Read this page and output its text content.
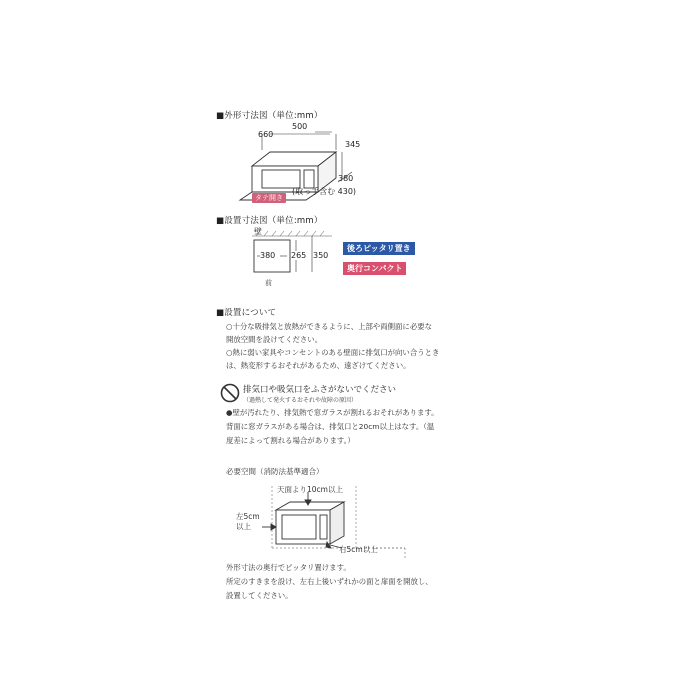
■外形寸法図（単位:mm）
660
500
345
380
タテ開き
(取っ手含む 430)
■設置寸法図（単位:mm）
壁
380 265 350
前
後ろピッタリ置き
奥行コンパクト
■設置について
○十分な吸排気と放熱ができるように、上部や両側面に必要な
開放空間を設けてください。
○熱に弱い家具やコンセントのある壁面に排気口が向い合うとき
は、熱変形するおそれがあるため、遠ざけてください。
排気口や吸気口をふさがないでください
（過熱して発火するおそれや故障の原因）
●壁が汚れたり、排気熱で窓ガラスが割れるおそれがあります。
背面に窓ガラスがある場合は、排気口と20cm以上はなす。（温
度差によって割れる場合があります。）
必要空間（消防法基準適合）
天面より10cm以上
左5cm
以上
右5cm以上
外形寸法の奥行でピッタリ置けます。
所定のすきまを設け、左右上後いずれかの面と扉面を開放し、
設置してください。
